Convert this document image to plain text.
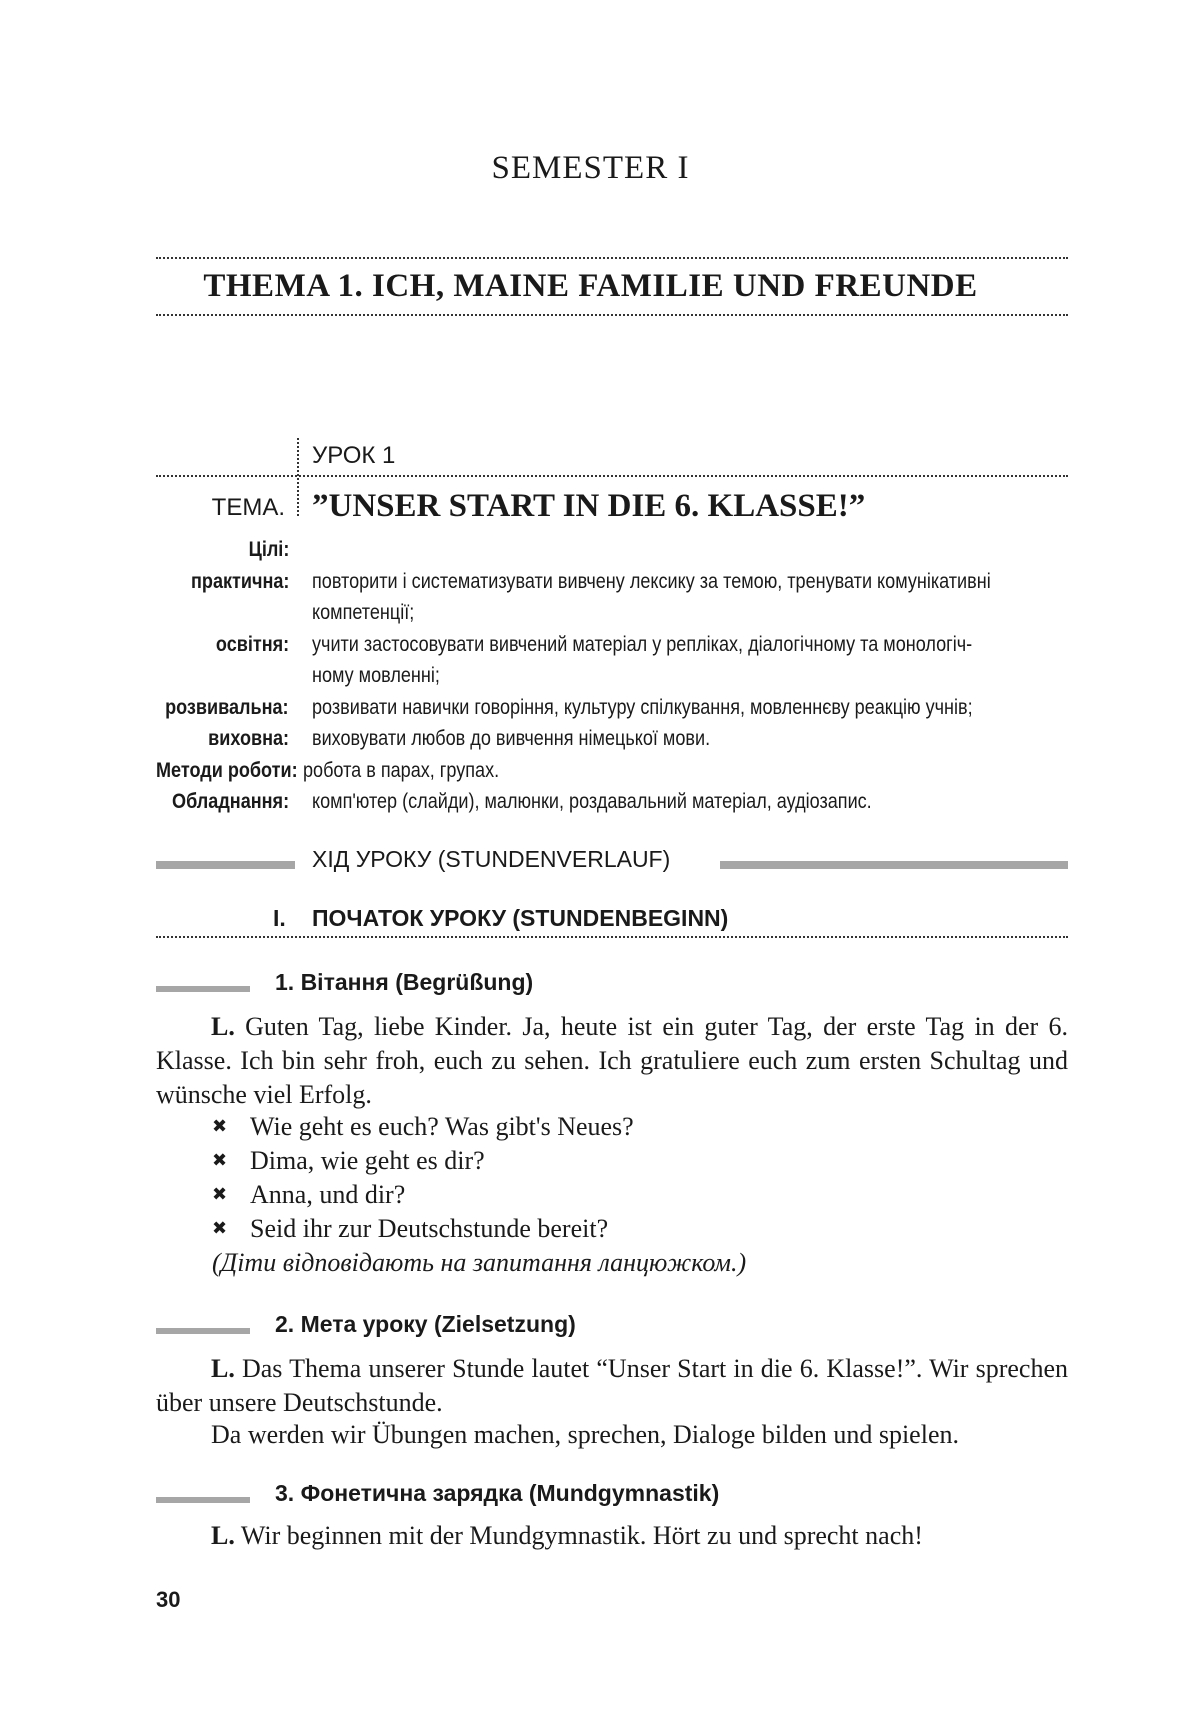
SEMESTER I
THEMA 1. ICH, MAINE FAMILIE UND FREUNDE
УРОК 1
ТЕМА. ”UNSER START IN DIE 6. KLASSE!”
Цілі:
практична: повторити і систематизувати вивчену лексику за темою, тренувати комунікативні
компетенції;
освітня: учити застосовувати вивчений матеріал у репліках, діалогічному та монологіч-
ному мовленні;
розвивальна: розвивати навички говоріння, культуру спілкування, мовленнєву реакцію учнів;
виховна: виховувати любов до вивчення німецької мови.
Методи роботи: робота в парах, групах.
Обладнання: комп'ютер (слайди), малюнки, роздавальний матеріал, аудіозапис.
ХІД УРОКУ (STUNDENVERLAUF)
I. ПОЧАТОК УРОКУ (STUNDENBEGINN)
1. Вітання (Begrüßung)
L. Guten Tag, liebe Kinder. Ja, heute ist ein guter Tag, der erste Tag in der 6. Klasse. Ich bin sehr froh, euch zu sehen. Ich gratuliere euch zum ersten Schultag und wünsche viel Erfolg.
✖ Wie geht es euch? Was gibt's Neues?
✖ Dima, wie geht es dir?
✖ Anna, und dir?
✖ Seid ihr zur Deutschstunde bereit?
(Діти відповідають на запитання ланцюжком.)
2. Мета уроку (Zielsetzung)
L. Das Thema unserer Stunde lautet “Unser Start in die 6. Klasse!”. Wir sprechen über unsere Deutschstunde.
Da werden wir Übungen machen, sprechen, Dialoge bilden und spielen.
3. Фонетична зарядка (Mundgymnastik)
L. Wir beginnen mit der Mundgymnastik. Hört zu und sprecht nach!
30
